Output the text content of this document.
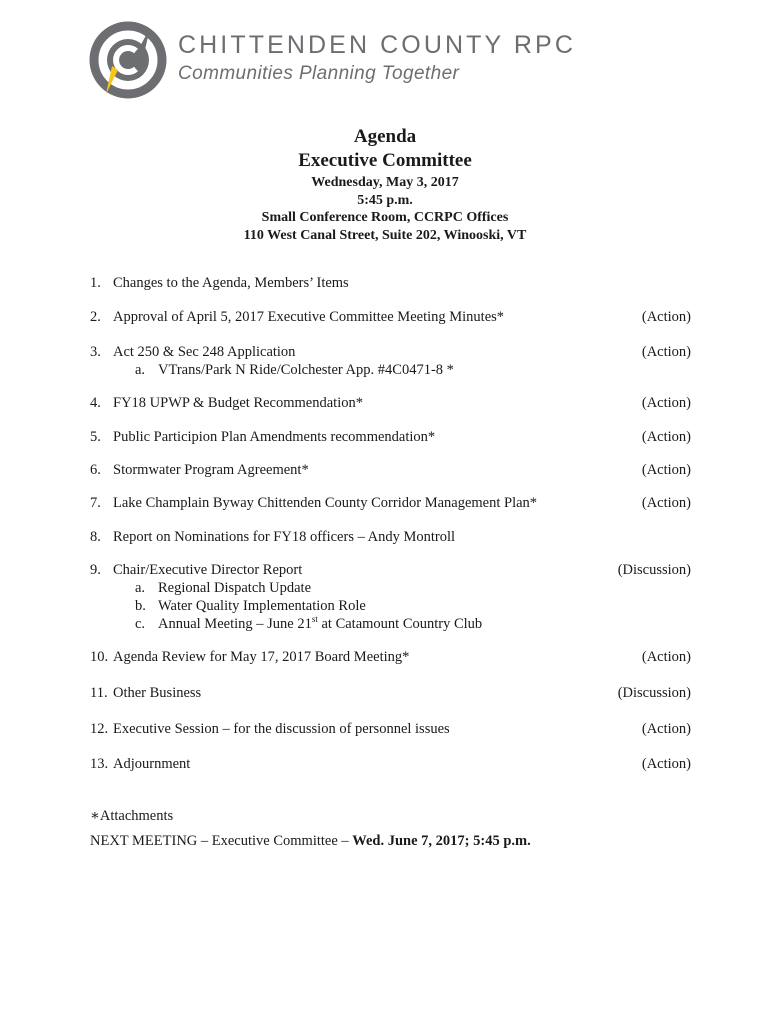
CHITTENDEN COUNTY RPC
Communities Planning Together
Agenda
Executive Committee
Wednesday, May 3, 2017
5:45 p.m.
Small Conference Room, CCRPC Offices
110 West Canal Street, Suite 202, Winooski, VT
1. Changes to the Agenda, Members’ Items
2. Approval of April 5, 2017 Executive Committee Meeting Minutes*	(Action)
3. Act 250 & Sec 248 Application	(Action)
a. VTrans/Park N Ride/Colchester App. #4C0471-8 *
4. FY18 UPWP & Budget Recommendation*	(Action)
5. Public Participion Plan Amendments recommendation*	(Action)
6. Stormwater Program Agreement*	(Action)
7. Lake Champlain Byway Chittenden County Corridor Management Plan*	(Action)
8. Report on Nominations for FY18 officers – Andy Montroll
9. Chair/Executive Director Report	(Discussion)
a. Regional Dispatch Update
b. Water Quality Implementation Role
c. Annual Meeting – June 21st at Catamount Country Club
10. Agenda Review for May 17, 2017 Board Meeting*	(Action)
11. Other Business	(Discussion)
12. Executive Session – for the discussion of personnel issues	(Action)
13. Adjournment	(Action)
∗Attachments
NEXT MEETING – Executive Committee – Wed. June 7, 2017; 5:45 p.m.
